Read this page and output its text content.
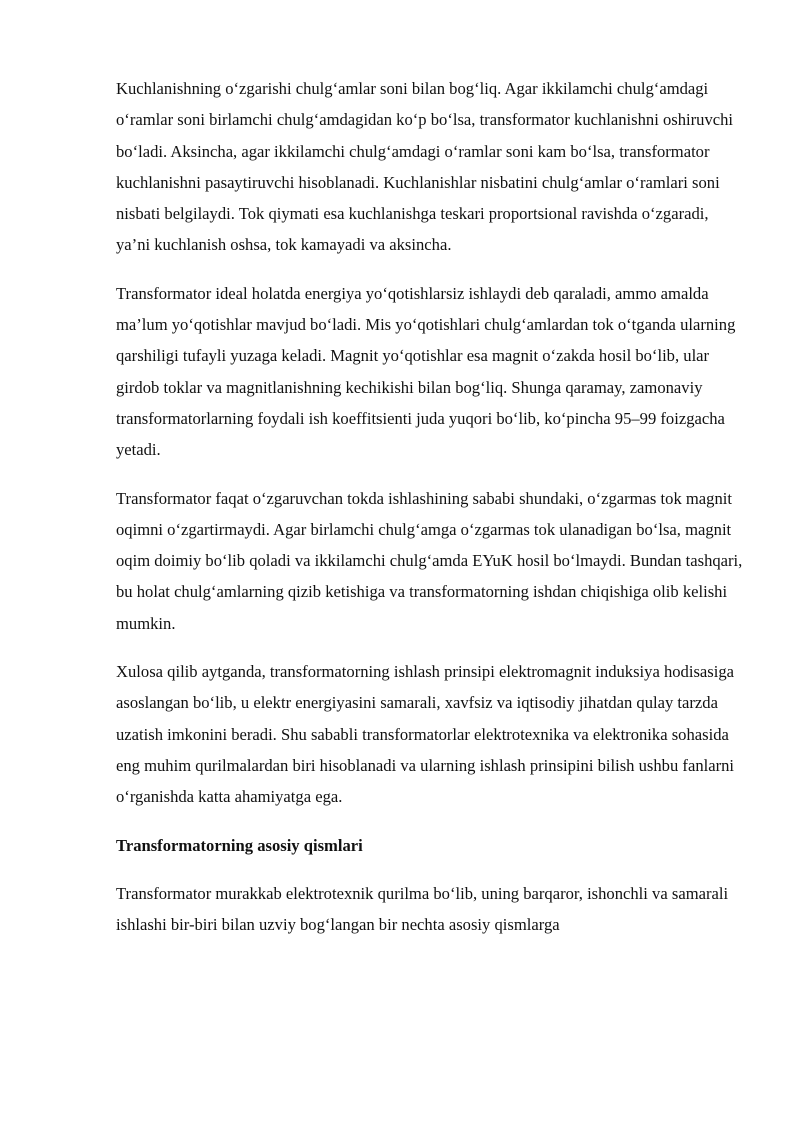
Kuchlanishning o‘zgarishi chulg‘amlar soni bilan bog‘liq. Agar ikkilamchi chulg‘amdagi o‘ramlar soni birlamchi chulg‘amdagidan ko‘p bo‘lsa, transformator kuchlanishni oshiruvchi bo‘ladi. Aksincha, agar ikkilamchi chulg‘amdagi o‘ramlar soni kam bo‘lsa, transformator kuchlanishni pasaytiruvchi hisoblanadi. Kuchlanishlar nisbatini chulg‘amlar o‘ramlari soni nisbati belgilaydi. Tok qiymati esa kuchlanishga teskari proportsional ravishda o‘zgaradi, ya’ni kuchlanish oshsa, tok kamayadi va aksincha.

Transformator ideal holatda energiya yo‘qotishlarsiz ishlaydi deb qaraladi, ammo amalda ma’lum yo‘qotishlar mavjud bo‘ladi. Mis yo‘qotishlari chulg‘amlardan tok o‘tganda ularning qarshiligi tufayli yuzaga keladi. Magnit yo‘qotishlar esa magnit o‘zakda hosil bo‘lib, ular girdob toklar va magnitlanishning kechikishi bilan bog‘liq. Shunga qaramay, zamonaviy transformatorlarning foydali ish koeffitsienti juda yuqori bo‘lib, ko‘pincha 95–99 foizgacha yetadi.

Transformator faqat o‘zgaruvchan tokda ishlashining sababi shundaki, o‘zgarmas tok magnit oqimni o‘zgartirmaydi. Agar birlamchi chulg‘amga o‘zgarmas tok ulanadigan bo‘lsa, magnit oqim doimiy bo‘lib qoladi va ikkilamchi chulg‘amda EYuK hosil bo‘lmaydi. Bundan tashqari, bu holat chulg‘amlarning qizib ketishiga va transformatorning ishdan chiqishiga olib kelishi mumkin.

Xulosa qilib aytganda, transformatorning ishlash prinsipi elektromagnit induksiya hodisasiga asoslangan bo‘lib, u elektr energiyasini samarali, xavfsiz va iqtisodiy jihatdan qulay tarzda uzatish imkonini beradi. Shu sababli transformatorlar elektrotexnika va elektronika sohasida eng muhim qurilmalardan biri hisoblanadi va ularning ishlash prinsipini bilish ushbu fanlarni o‘rganishda katta ahamiyatga ega.

Transformatorning asosiy qismlari

Transformator murakkab elektrotexnik qurilma bo‘lib, uning barqaror, ishonchli va samarali ishlashi bir-biri bilan uzviy bog‘langan bir nechta asosiy qismlarga
